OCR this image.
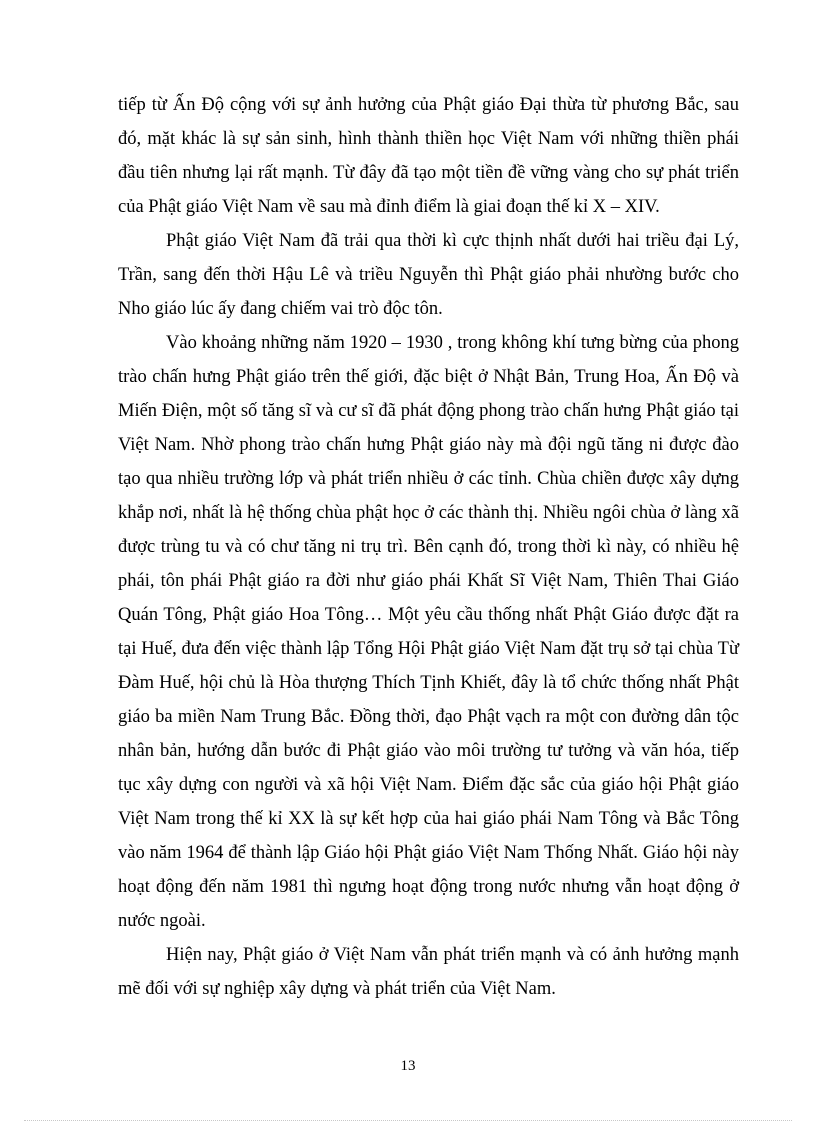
tiếp từ Ấn Độ cộng với sự ảnh hưởng của Phật giáo Đại thừa từ phương Bắc, sau đó, mặt khác là sự sản sinh, hình thành thiền học Việt Nam với những thiền phái đầu tiên nhưng lại rất mạnh. Từ đây đã tạo một tiền đề vững vàng cho sự phát triển của Phật giáo Việt Nam về sau mà đỉnh điểm là giai đoạn thế kỉ X – XIV.

Phật giáo Việt Nam đã trải qua thời kì cực thịnh nhất dưới hai triều đại Lý, Trần, sang đến thời Hậu Lê và triều Nguyễn thì Phật giáo phải nhường bước cho Nho giáo lúc ấy đang chiếm vai trò độc tôn.

Vào khoảng những năm 1920 – 1930 , trong không khí tưng bừng của phong trào chấn hưng Phật giáo trên thế giới, đặc biệt ở Nhật Bản, Trung Hoa, Ấn Độ và Miến Điện, một số tăng sĩ và cư sĩ đã phát động phong trào chấn hưng Phật giáo tại Việt Nam. Nhờ phong trào chấn hưng Phật giáo này mà đội ngũ tăng ni được đào tạo qua nhiều trường lớp và phát triển nhiều ở các tỉnh. Chùa chiền được xây dựng khắp nơi, nhất là hệ thống chùa phật học ở các thành thị. Nhiều ngôi chùa ở làng xã được trùng tu và có chư tăng ni trụ trì. Bên cạnh đó, trong thời kì này, có nhiều hệ phái, tôn phái Phật giáo ra đời như giáo phái Khất Sĩ Việt Nam, Thiên Thai Giáo Quán Tông, Phật giáo Hoa Tông… Một yêu cầu thống nhất Phật Giáo được đặt ra tại Huế, đưa đến việc thành lập Tổng Hội Phật giáo Việt Nam đặt trụ sở tại chùa Từ Đàm Huế, hội chủ là Hòa thượng Thích Tịnh Khiết, đây là tổ chức thống nhất Phật giáo ba miền Nam Trung Bắc. Đồng thời, đạo Phật vạch ra một con đường dân tộc nhân bản, hướng dẫn bước đi Phật giáo vào môi trường tư tưởng và văn hóa, tiếp tục xây dựng con người và xã hội Việt Nam. Điểm đặc sắc của giáo hội Phật giáo Việt Nam trong thế kỉ XX là sự kết hợp của hai giáo phái Nam Tông và Bắc Tông vào năm 1964 để thành lập Giáo hội Phật giáo Việt Nam Thống Nhất. Giáo hội này hoạt động đến năm 1981 thì ngưng hoạt động trong nước nhưng vẫn hoạt động ở nước ngoài.

Hiện nay, Phật giáo ở Việt Nam vẫn phát triển mạnh và có ảnh hưởng mạnh mẽ đối với sự nghiệp xây dựng và phát triển của Việt Nam.

13
